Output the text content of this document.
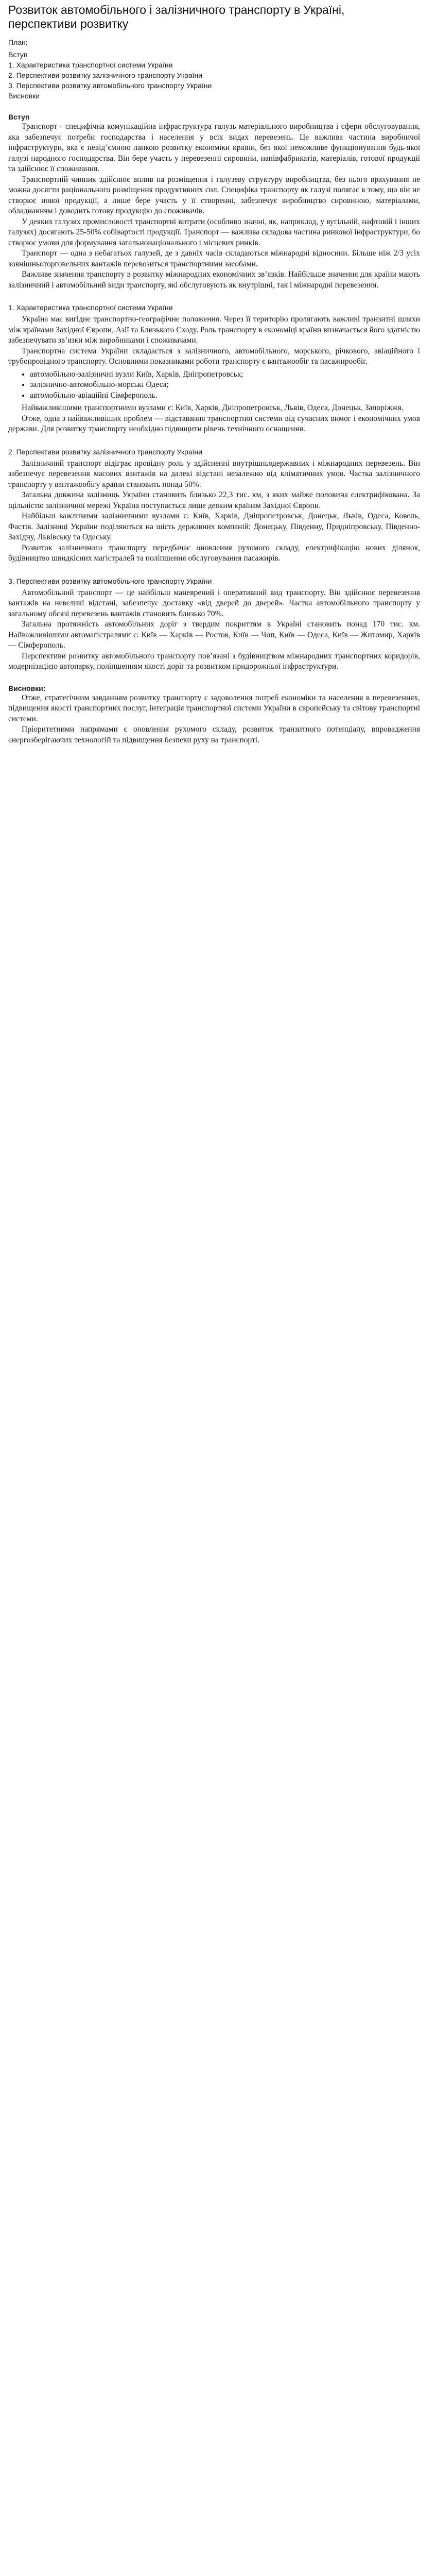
Розвиток автомобільного і залізничного транспорту в Україні, перспективи розвитку
План:
Вступ
1. Характеристика транспортної системи України
2. Перспективи розвитку залізничного транспорту України
3. Перспективи розвитку автомобільного транспорту України
Висновки
Вступ

Транспорт - специфічна комунікаційна інфраструктура галузь матеріального виробництва і сфери обслуговування, яка забезпечує потреби господарства і населення у всіх видах перевезень. Це важлива частина виробничої інфраструктури, яка є невід’ємною ланкою розвитку економіки країни, без якої неможливе функціонування будь-якої галузі народного господарства. Він бере участь у перевезенні сировини, напівфабрикатів, матеріалів, готової продукції та здійснює її споживання.

Транспортній чинник здійснює вплив на розміщення і галузеву структуру виробництва, без нього врахування не можна досягти раціонального розміщення продуктивних сил. Специфіка транспорту як галузі полягає в тому, що він не створює нової продукції, а лише бере участь у її створенні, забезпечує виробництво сировиною, матеріалами, обладнанням і доводить готову продукцію до споживачів.

У деяких галузях промисловості транспортні витрати (особливо значні, як, наприклад, у вугільній, нафтовій і інших галузях) досягають 25-50% собівартості продукції. Транспорт — важлива складова частина ринкової інфраструктури, бо створює умови для формування загальнонаціонального і місцевих ринків.

Транспорт — одна з небагатьох галузей, де з давніх часів складаються міжнародні відносини. Більше ніж 2/3 усіх зовнішньоторговельних вантажів перевозиться транспортними засобами.

Важливе значення транспорту в розвитку міжнародних економічних зв’язків. Найбільше значення для країни мають залізничний і автомобільний види транспорту, які обслуговують як внутрішні, так і міжнародні перевезення.

1. Характеристика транспортної системи України

Україна має вигідне транспортно-географічне положення. Через її територію пролягають важливі транзитні шляхи між країнами Західної Європи, Азії та Близького Сходу. Роль транспорту в економіці країни визначається його здатністю забезпечувати зв’язки між виробниками і споживачами.

Транспортна система України складається з залізничного, автомобільного, морського, річкового, авіаційного і трубопровідного транспорту. Основними показниками роботи транспорту є вантажообіг та пасажирообіг.

• автомобільно-залізничні вузли Київ, Харків, Дніпропетровськ;
• залізнично-автомобільно-морські Одеса;
• автомобільно-авіаційні Сімферополь.

Найважливішими транспортними вузлами є: Київ, Харків, Дніпропетровськ, Львів, Одеса, Донецьк, Запоріжжя.

Отже, одна з найважливіших проблем — відставання транспортної системи від сучасних вимог і економічних умов держави. Для розвитку транспорту необхідно підвищити рівень технічного оснащення.

2. Перспективи розвитку залізничного транспорту України

Залізничний транспорт відіграє провідну роль у здійсненні внутрішньодержавних і міжнародних перевезень. Він забезпечує перевезення масових вантажів на далекі відстані незалежно від кліматичних умов. Частка залізничного транспорту у вантажообігу країни становить понад 50%.

Загальна довжина залізниць України становить близько 22,3 тис. км, з яких майже половина електрифікована. За щільністю залізничної мережі Україна поступається лише деяким країнам Західної Європи.

Найбільш важливими залізничними вузлами є: Київ, Харків, Дніпропетровськ, Донецьк, Львів, Одеса, Ковель, Фастів. Залізниці України поділяються на шість державних компаній: Донецьку, Південну, Придніпровську, Південно-Західну, Львівську та Одеську.

Розвиток залізничного транспорту передбачає оновлення рухомого складу, електрифікацію нових ділянок, будівництво швидкісних магістралей та поліпшення обслуговування пасажирів.

3. Перспективи розвитку автомобільного транспорту України

Автомобільний транспорт — це найбільш маневрений і оперативний вид транспорту. Він здійснює перевезення вантажів на невеликі відстані, забезпечує доставку «від дверей до дверей». Частка автомобільного транспорту у загальному обсязі перевезень вантажів становить близько 70%.

Загальна протяжність автомобільних доріг з твердим покриттям в Україні становить понад 170 тис. км. Найважливішими автомагістралями є: Київ — Харків — Ростов, Київ — Чоп, Київ — Одеса, Київ — Житомир, Харків — Сімферополь.

Перспективи розвитку автомобільного транспорту пов’язані з будівництвом міжнародних транспортних коридорів, модернізацією автопарку, поліпшенням якості доріг та розвитком придорожньої інфраструктури.

Висновки:

Отже, стратегічним завданням розвитку транспорту є задоволення потреб економіки та населення в перевезеннях, підвищення якості транспортних послуг, інтеграція транспортної системи України в європейську та світову транспортні системи.

Пріоритетними напрямами є оновлення рухомого складу, розвиток транзитного потенціалу, впровадження енергозберігаючих технологій та підвищення безпеки руху на транспорті.
